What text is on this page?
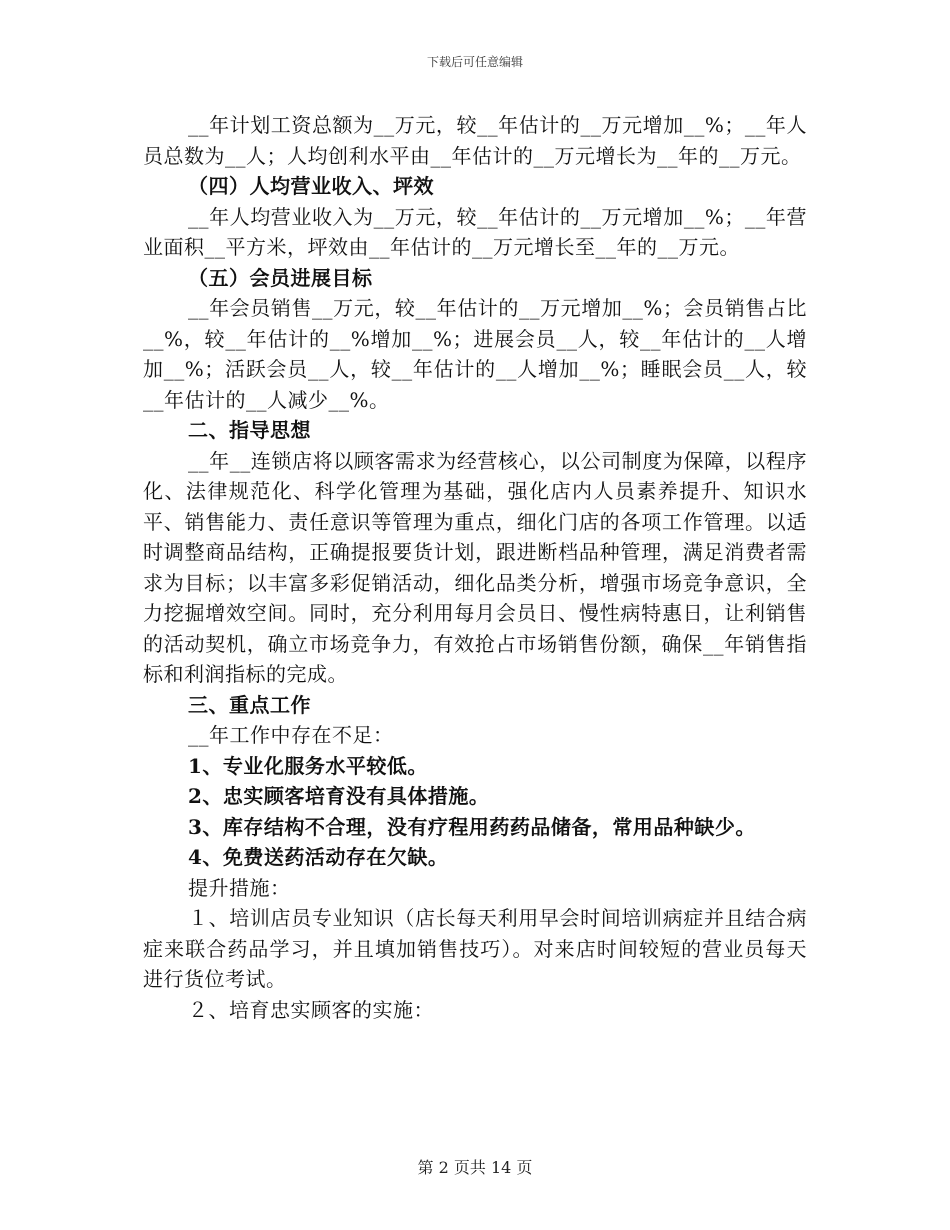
下载后可任意编辑

__年计划工资总额为__万元，较__年估计的__万元增加__%；__年人员总数为__人；人均创利水平由__年估计的__万元增长为__年的__万元。

（四）人均营业收入、坪效

__年人均营业收入为__万元，较__年估计的__万元增加__%；__年营业面积__平方米，坪效由__年估计的__万元增长至__年的__万元。

（五）会员进展目标

__年会员销售__万元，较__年估计的__万元增加__%；会员销售占比__%，较__年估计的__%增加__%；进展会员__人，较__年估计的__人增加__%；活跃会员__人，较__年估计的__人增加__%；睡眠会员__人，较__年估计的__人减少__%。

二、指导思想

__年__连锁店将以顾客需求为经营核心，以公司制度为保障，以程序化、法律规范化、科学化管理为基础，强化店内人员素养提升、知识水平、销售能力、责任意识等管理为重点，细化门店的各项工作管理。以适时调整商品结构，正确提报要货计划，跟进断档品种管理，满足消费者需求为目标；以丰富多彩促销活动，细化品类分析，增强市场竞争意识，全力挖掘增效空间。同时，充分利用每月会员日、慢性病特惠日，让利销售的活动契机，确立市场竞争力，有效抢占市场销售份额，确保__年销售指标和利润指标的完成。

三、重点工作

__年工作中存在不足：

1、专业化服务水平较低。

2、忠实顾客培育没有具体措施。

3、库存结构不合理，没有疗程用药药品储备，常用品种缺少。

4、免费送药活动存在欠缺。

提升措施：

１、培训店员专业知识（店长每天利用早会时间培训病症并且结合病症来联合药品学习，并且填加销售技巧）。对来店时间较短的营业员每天进行货位考试。

２、培育忠实顾客的实施：

第 2 页共 14 页
